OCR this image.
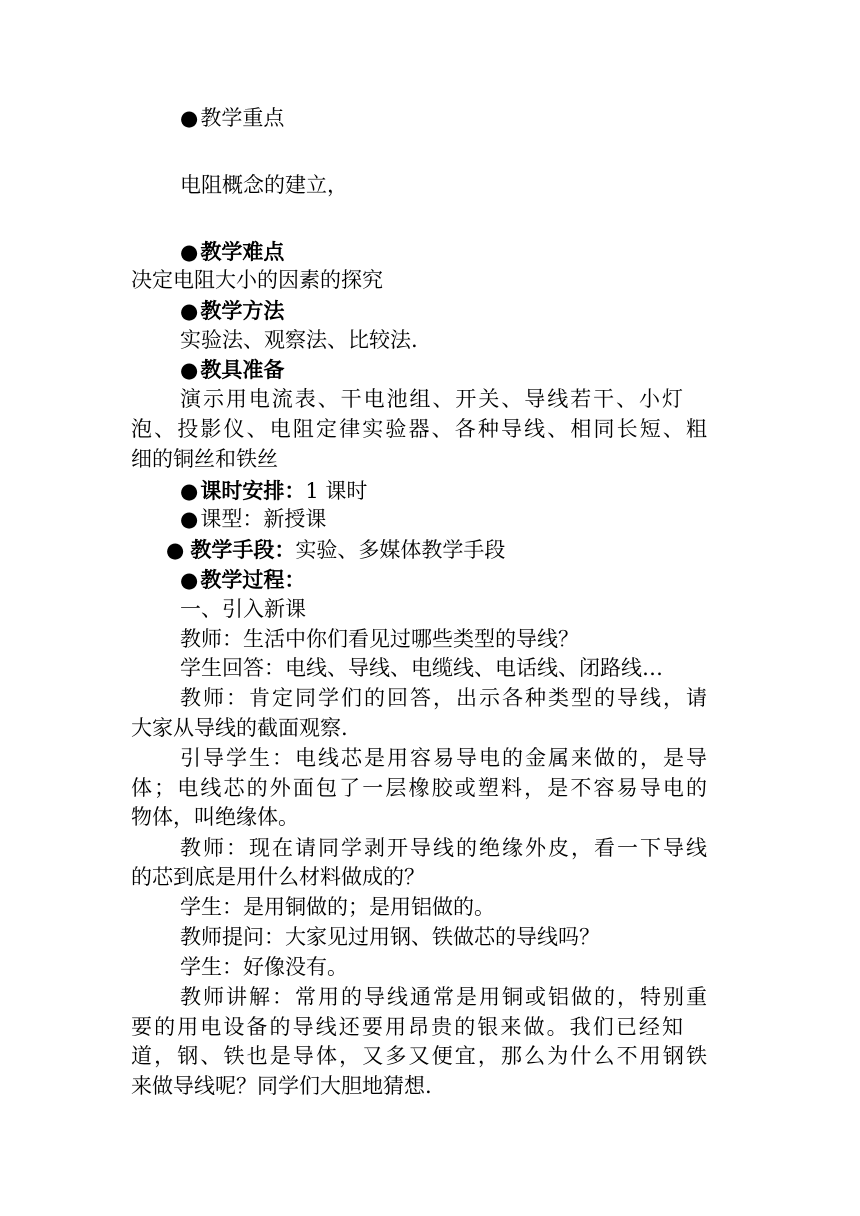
●教学重点
电阻概念的建立，
●教学难点
决定电阻大小的因素的探究
●教学方法
实验法、观察法、比较法.
●教具准备
演示用电流表、干电池组、开关、导线若干、小灯
泡、投影仪、电阻定律实验器、各种导线、相同长短、粗
细的铜丝和铁丝
●课时安排：1 课时
●课型：新授课
● 教学手段：实验、多媒体教学手段
●教学过程：
一、引入新课
教师：生活中你们看见过哪些类型的导线？
学生回答：电线、导线、电缆线、电话线、闭路线…
教师：肯定同学们的回答，出示各种类型的导线，请
大家从导线的截面观察.
引导学生：电线芯是用容易导电的金属来做的，是导
体；电线芯的外面包了一层橡胶或塑料，是不容易导电的
物体，叫绝缘体。
教师：现在请同学剥开导线的绝缘外皮，看一下导线
的芯到底是用什么材料做成的？
学生：是用铜做的；是用铝做的。
教师提问：大家见过用钢、铁做芯的导线吗？
学生：好像没有。
教师讲解：常用的导线通常是用铜或铝做的，特别重
要的用电设备的导线还要用昂贵的银来做。我们已经知
道，钢、铁也是导体，又多又便宜，那么为什么不用钢铁
来做导线呢？同学们大胆地猜想.
